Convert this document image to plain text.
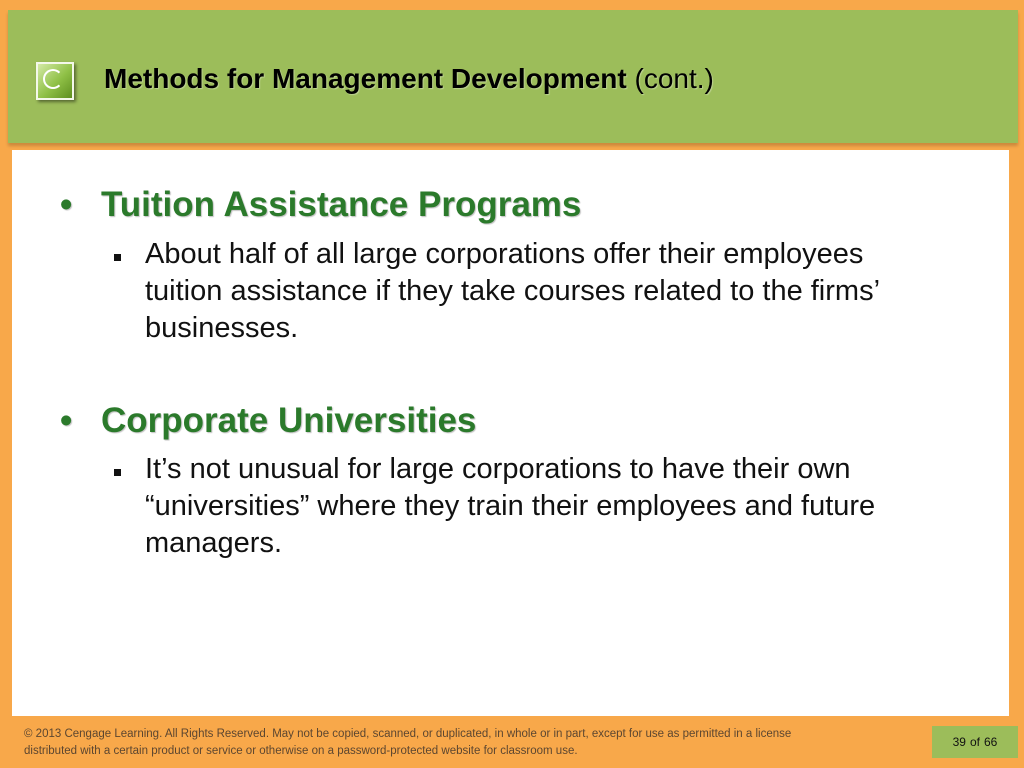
Methods for Management Development (cont.)
• Tuition Assistance Programs
About half of all large corporations offer their employees tuition assistance if they take courses related to the firms’ businesses.
• Corporate Universities
It’s not unusual for large corporations to have their own “universities” where they train their employees and future managers.
© 2013 Cengage Learning. All Rights Reserved. May not be copied, scanned, or duplicated, in whole or in part, except for use as permitted in a license distributed with a certain product or service or otherwise on a password-protected website for classroom use.
39 of 66
